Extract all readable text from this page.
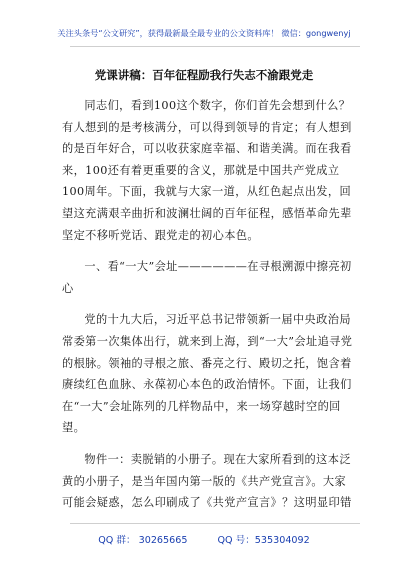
关注头条号“公文研究”，获得最新最全最专业的公文资料库！ 微信：gongwenyj
党课讲稿：百年征程励我行失志不渝跟党走

同志们，看到100这个数字，你们首先会想到什么？有人想到的是考核满分，可以得到领导的肯定；有人想到的是百年好合，可以收获家庭幸福、和谐美满。而在我看来，100还有着更重要的含义，那就是中国共产党成立100周年。下面，我就与大家一道，从红色起点出发，回望这充满艰辛曲折和波澜壮阔的百年征程，感悟革命先辈坚定不移听党话、跟党走的初心本色。

一、看“一大”会址——————在寻根溯源中擦亮初心

党的十九大后，习近平总书记带领新一届中央政治局常委第一次集体出行，就来到上海，到“一大”会址追寻党的根脉。领袖的寻根之旅、番亮之行、殿切之托，饱含着赓续红色血脉、永葆初心本色的政治情怀。下面，让我们在“一大”会址陈列的几样物品中，来一场穿越时空的回望。

物件一：卖脱销的小册子。现在大家所看到的这本泛黄的小册子，是当年国内第一版的《共产党宣言》。大家可能会疑惑，怎么印刷成了《共党产宣言》？这明显印错

QQ 群： 30265665	QQ 号：535304092
